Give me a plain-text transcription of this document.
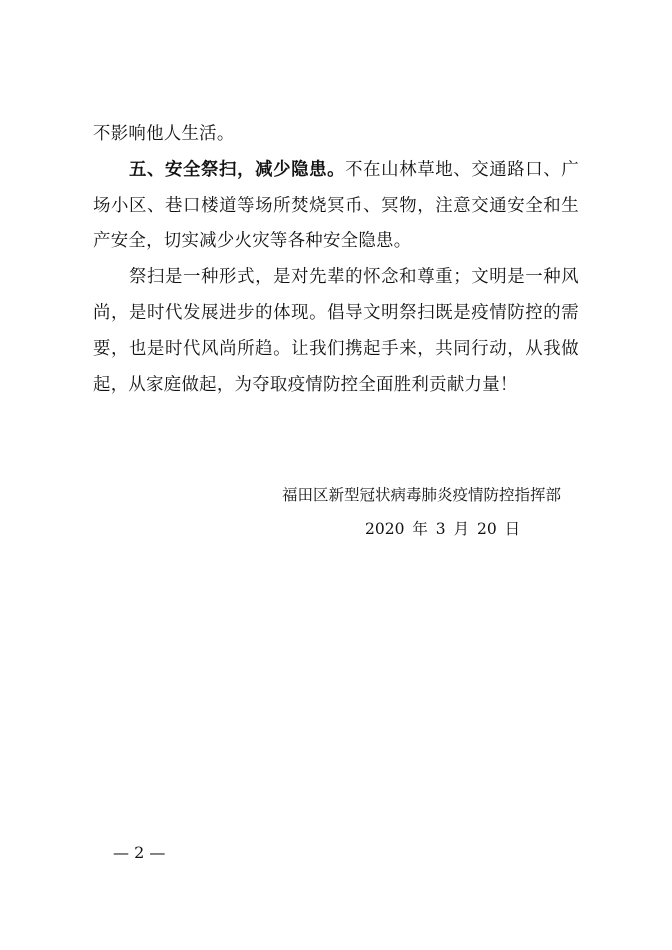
不影响他人生活。

五、安全祭扫，减少隐患。不在山林草地、交通路口、广场小区、巷口楼道等场所焚烧冥币、冥物，注意交通安全和生产安全，切实减少火灾等各种安全隐患。

祭扫是一种形式，是对先辈的怀念和尊重；文明是一种风尚，是时代发展进步的体现。倡导文明祭扫既是疫情防控的需要，也是时代风尚所趋。让我们携起手来，共同行动，从我做起，从家庭做起，为夺取疫情防控全面胜利贡献力量！

福田区新型冠状病毒肺炎疫情防控指挥部
2020 年 3 月 20 日
— 2 —
